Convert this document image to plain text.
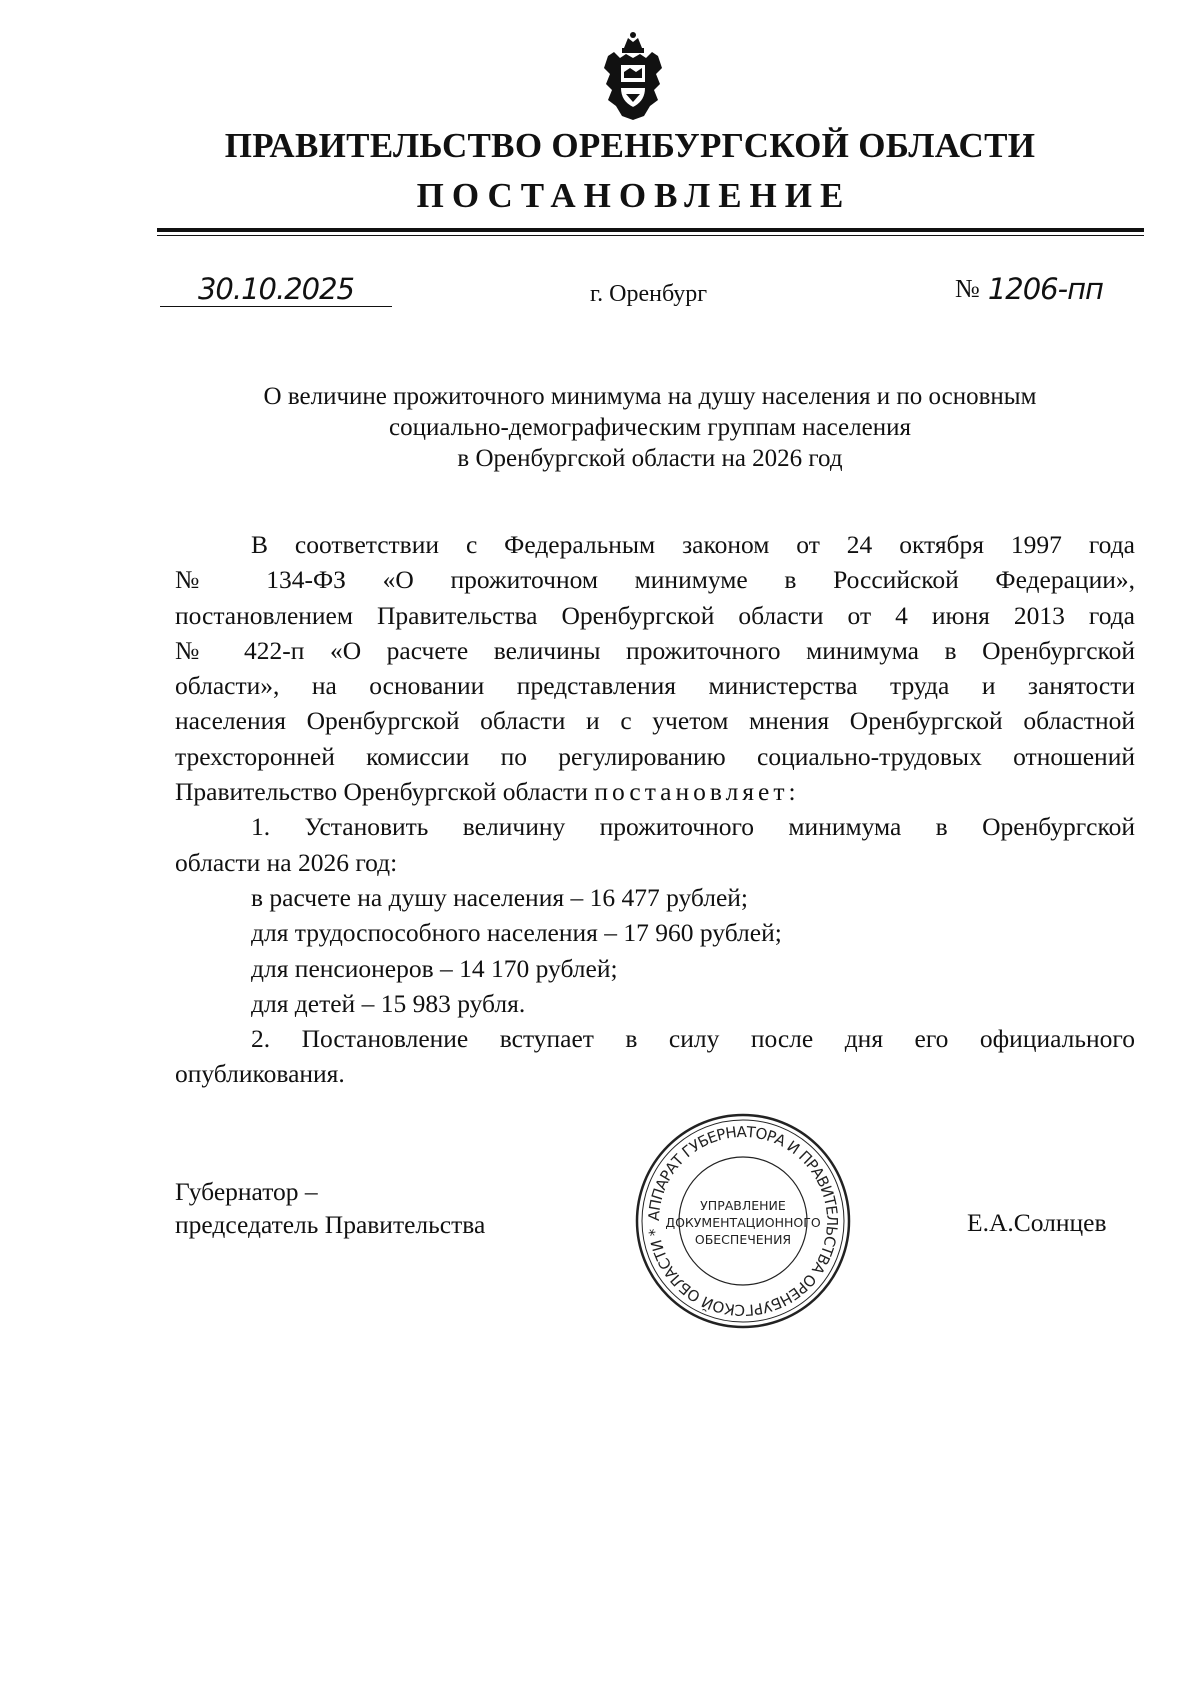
ПРАВИТЕЛЬСТВО ОРЕНБУРГСКОЙ ОБЛАСТИ
ПОСТАНОВЛЕНИЕ
30.10.2025	г. Оренбург	№ 1206-пп
О величине прожиточного минимума на душу населения и по основным
социально-демографическим группам населения
в Оренбургской области на 2026 год
В соответствии с Федеральным законом от 24 октября 1997 года
№ 134-ФЗ «О прожиточном минимуме в Российской Федерации»,
постановлением Правительства Оренбургской области от 4 июня 2013 года
№ 422-п «О расчете величины прожиточного минимума в Оренбургской
области», на основании представления министерства труда и занятости
населения Оренбургской области и с учетом мнения Оренбургской областной
трехсторонней комиссии по регулированию социально-трудовых отношений
Правительство Оренбургской области постановляет:
1. Установить величину прожиточного минимума в Оренбургской
области на 2026 год:
в расчете на душу населения – 16 477 рублей;
для трудоспособного населения – 17 960 рублей;
для пенсионеров – 14 170 рублей;
для детей – 15 983 рубля.
2. Постановление вступает в силу после дня его официального
опубликования.
Губернатор –
председатель Правительства	АППАРАТ ГУБЕРНАТОРА И ПРАВИТЕЛЬСТВА ОРЕНБУРГСКОЙ ОБЛАСТИ *
УПРАВЛЕНИЕ
ДОКУМЕНТАЦИОННОГО
ОБЕСПЕЧЕНИЯ
Е.А.Солнцев
